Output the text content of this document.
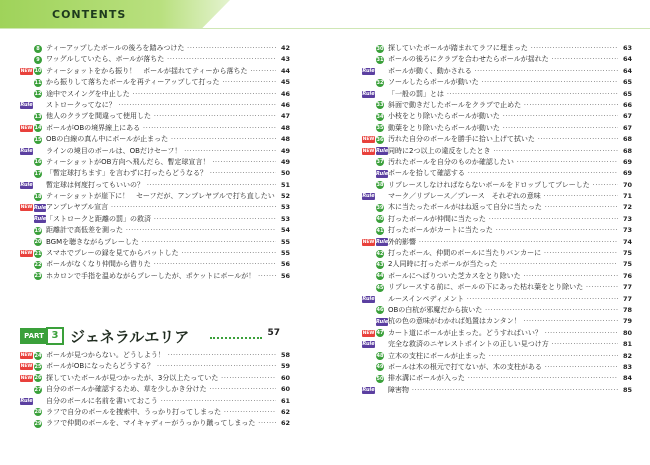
CONTENTS
8 ティーアップしたボールの後ろを踏みつけた ·····	42
9 ワッグルしていたら、ボールが落ちた ·····	43
NEW 10 ティーショットをから振り！　ボールが揺れてティーから落ちた ·····	44
11 から振りして落ちたボールを再ティーアップして打った ·····	45
12 途中でスイングを中止した ·····	46
Rule ストロークってなに？ ·····	46
13 他人のクラブを間違って使用した ·····	47
NEW 14 ボールがOBの境界線上にある ·····	48
15 OBの白線の真ん中にボールが止まった ·····	48
Rule ラインの境目のボールは、OBだけセーフ！ ·····	49
16 ティーショットがOB方向へ飛んだら、暫定球宣言！ ·····	49
17 「暫定球打ちます」を言わずに打ったらどうなる？ ·····	50
Rule 暫定球は何度打ってもいいの？ ·····	51
18 ティーショットが崖下に！　セーフだが、アンプレヤブルで打ち直したい ····· 52
NEW Rule アンプレヤブル宣言 ·····	53
Rule 「ストロークと距離の罰」の救済 ·····	53
19 距離計で高低差を測った ·····	54
20 BGMを聴きながらプレーした ·····	55
NEW 21 スマホでプレーの録を見てからパットした ·····	55
22 ボールがなくなり仲間から借りた ·····	56
23 ホカロンで手指を温めながらプレーしたが、ポケットにボールが！ ·····	56
PART 3 ジェネラルエリア	57
NEW 24 ボールが見つからない。どうしよう！ ·····	58
NEW 25 ボールがOBになったらどうする？ ·····	59
NEW 26 探していたボールが見つかったが、3分以上たっていた ·····	60
27 自分のボールか確認するため、草を少しかき分けた ·····	60
Rule 自分のボールに名前を書いておこう ·····	61
28 ラフで自分のボールを捜索中、うっかり打ってしまった ·····	62
29 ラフで仲間のボールを、マイキャディーがうっかり蹴ってしまった ·····	62
30 探していたボールが踏まれてラフに埋まった ·····	63
31 ボールの後ろにクラブを合わせたらボールが揺れた ·····	64
Rule ボールが動く、動かされる ·····	64
32 ソールしたらボールが動いた ·····	65
Rule 「一般の罰」とは ·····	65
33 斜面で動きだしたボールをクラブで止めた ·····	66
34 小枝をとり除いたらボールが動いた ·····	67
35 動葉をとり除いたらボールが動いた ·····	67
NEW 36 汚れた自分のボールを勝手に拾い上げて拭いた ·····	68
NEW Rule 同時に2つ以上の違反をしたとき ·····	68
37 汚れたボールを自分のものか確認したい ·····	69
Rule ボールを拾して確認する ·····	69
38 リプレースしなければならないボールをドロップしてプレーした ·····	70
Rule マーク／リプレース／プレース　それぞれの意味 ·····	71
39 木に当たったボールがはね返って自分に当たった ·····	72
40 打ったボールが仲間に当たった ·····	73
41 打ったボールがカートに当たった ·····	73
NEW Rule 外的影響 ·····	74
42 打ったボール、仲間のボールに当たりバンカーに ·····	75
43 2人同時に打ったボールが当たった ·····	75
44 ボールにへばりついた芝カスをとり除いた ·····	76
45 リプレースする前に、ボールの下にあった枯れ葉をとり除いた ·····	77
Rule ルースインペディメント ·····	77
46 OBの白杭が邪魔だから抜いた ·····	78
Rule 杭の色の意味がわかれば処置はカンタン！ ·····	79
NEW 47 カート道にボールが止まった。どうすればいい？ ·····	80
Rule 完全な救済のニヤレストポイントの正しい見つけ方 ·····	81
48 立木の支柱にボールが止まった ·····	82
49 ボールは木の根元で打てないが、木の支柱がある ·····	83
50 排水溝にボールが入った ·····	84
Rule 障害物 ·····	85
